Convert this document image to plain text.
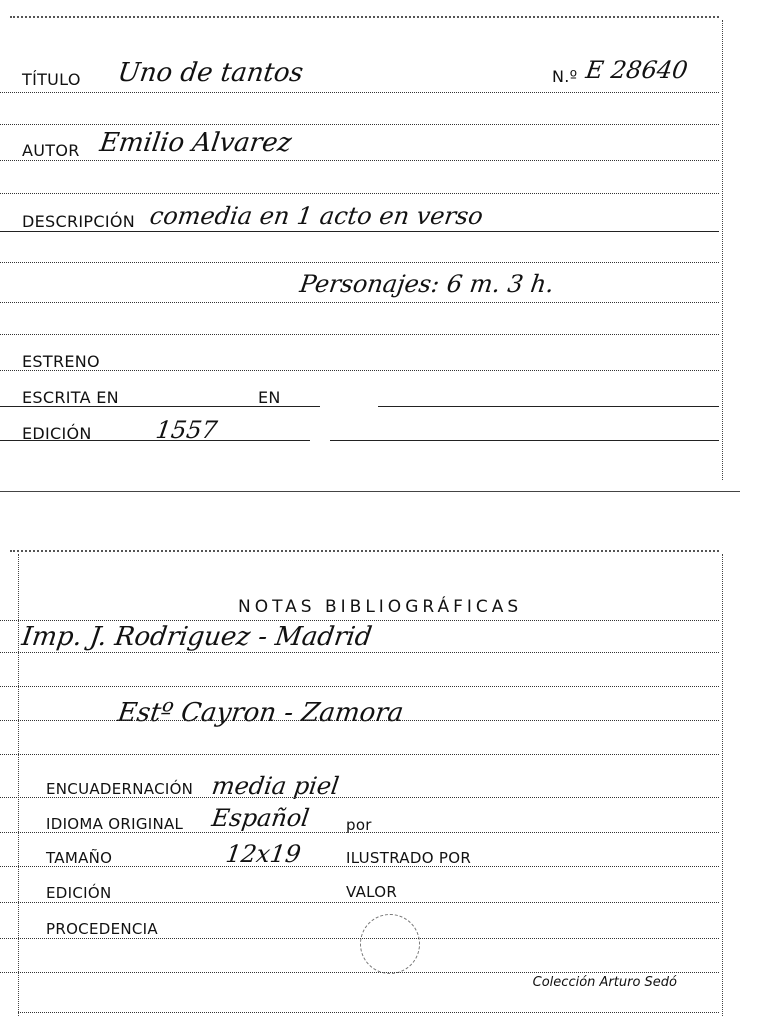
TÍTULO Uno de tantos	N.º E 28640
AUTOR Emilio Alvarez
DESCRIPCIÓN comedia en 1 acto en verso
Personajes: 6 m. 3 h.
ESTRENO
ESCRITA EN	EN
EDICIÓN	1557
NOTAS BIBLIOGRÁFICAS
Imp. J. Rodriguez - Madrid
Estº Cayron - Zamora
ENCUADERNACIÓN media piel
IDIOMA ORIGINAL Español por
TAMAÑO	12x19	ILUSTRADO POR
EDICIÓN	VALOR
PROCEDENCIA
Colección Arturo Sedó
